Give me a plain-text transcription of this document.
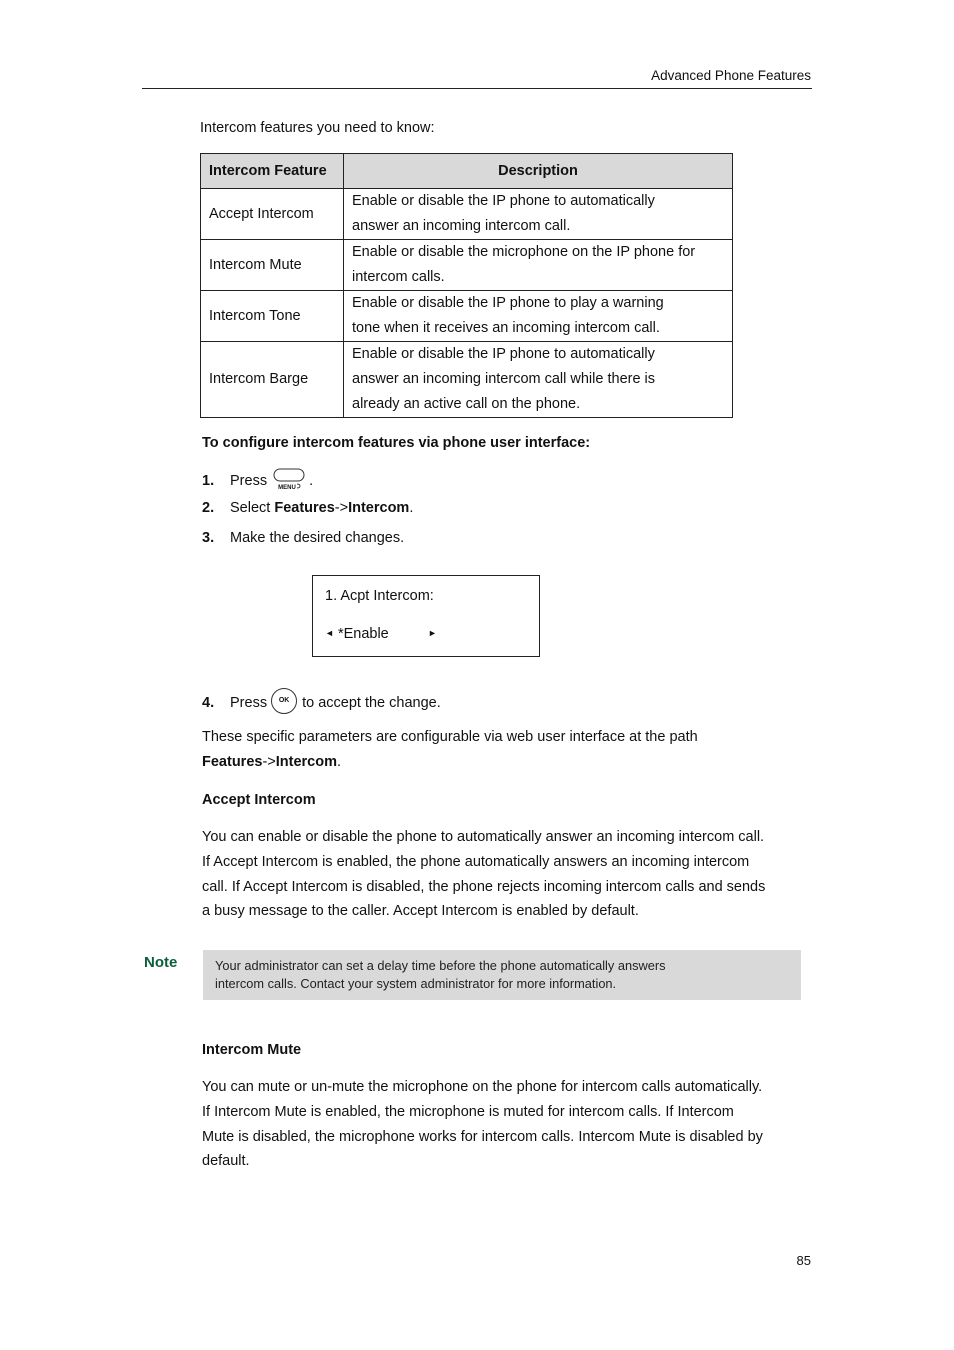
Advanced Phone Features
Intercom features you need to know:
Intercom Feature	Description
Accept Intercom	Enable or disable the IP phone to automatically
answer an incoming intercom call.
Intercom Mute	Enable or disable the microphone on the IP phone for
intercom calls.
Intercom Tone	Enable or disable the IP phone to play a warning
tone when it receives an incoming intercom call.
Intercom Barge	Enable or disable the IP phone to automatically
answer an incoming intercom call while there is
already an active call on the phone.
To configure intercom features via phone user interface:
1. Press MENU .
2. Select Features->Intercom.
3. Make the desired changes.
1. Acpt Intercom:
◄ *Enable	►
4. Press OK to accept the change.
These specific parameters are configurable via web user interface at the path
Features->Intercom.
Accept Intercom
You can enable or disable the phone to automatically answer an incoming intercom call.
If Accept Intercom is enabled, the phone automatically answers an incoming intercom
call. If Accept Intercom is disabled, the phone rejects incoming intercom calls and sends
a busy message to the caller. Accept Intercom is enabled by default.
Note	Your administrator can set a delay time before the phone automatically answers
intercom calls. Contact your system administrator for more information.
Intercom Mute
You can mute or un-mute the microphone on the phone for intercom calls automatically.
If Intercom Mute is enabled, the microphone is muted for intercom calls. If Intercom
Mute is disabled, the microphone works for intercom calls. Intercom Mute is disabled by
default.
85
